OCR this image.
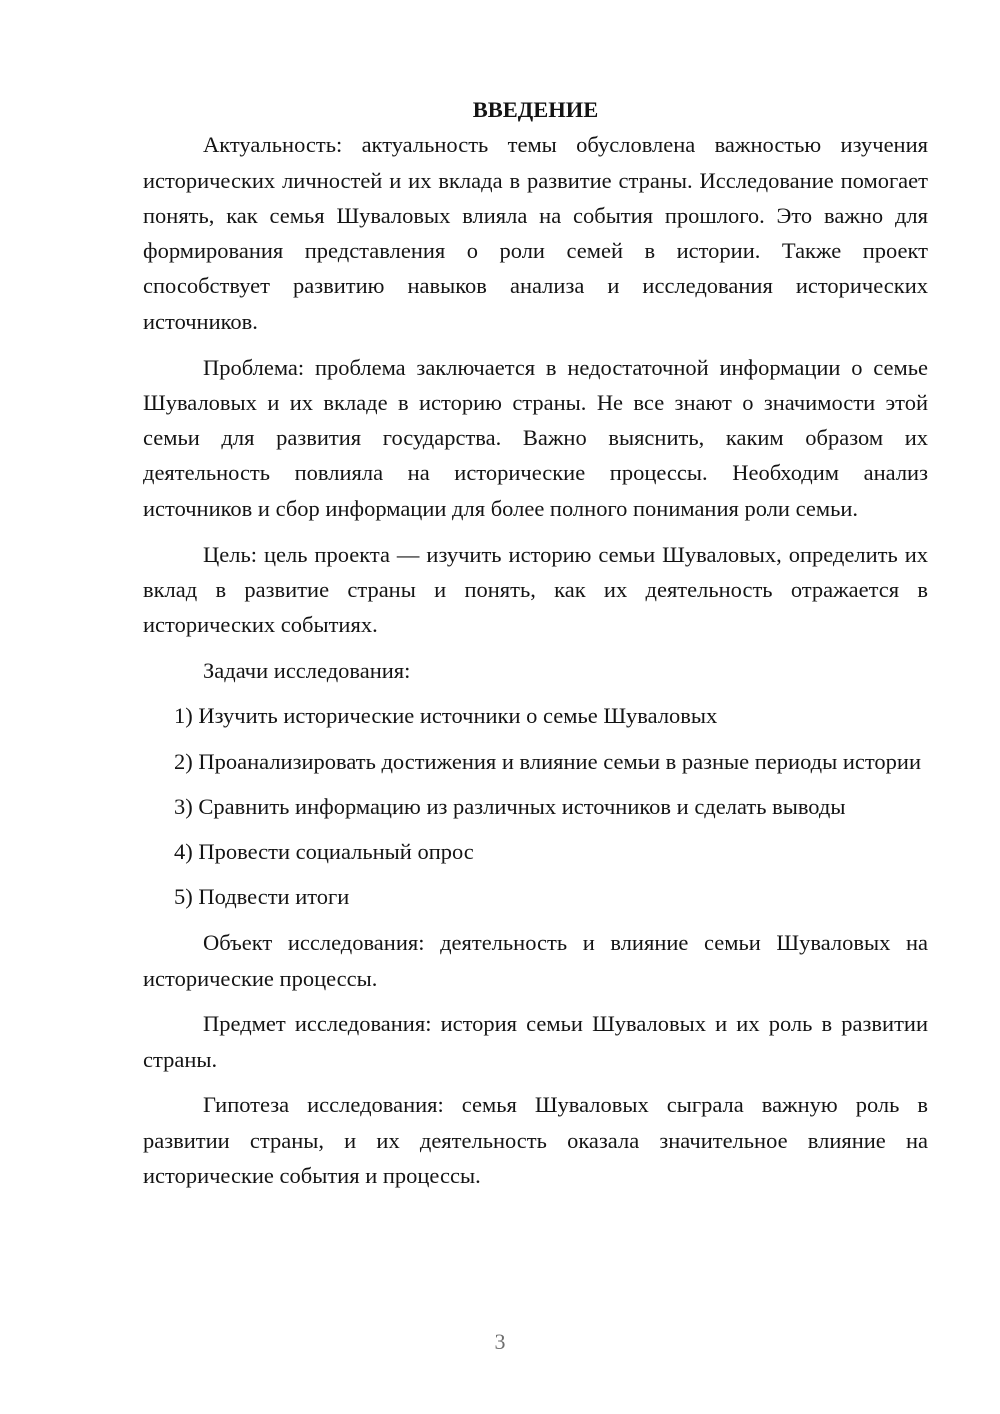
ВВЕДЕНИЕ

Актуальность: актуальность темы обусловлена важностью изучения исторических личностей и их вклада в развитие страны. Исследование помогает понять, как семья Шуваловых влияла на события прошлого. Это важно для формирования представления о роли семей в истории. Также проект способствует развитию навыков анализа и исследования исторических источников.

Проблема: проблема заключается в недостаточной информации о семье Шуваловых и их вкладе в историю страны. Не все знают о значимости этой семьи для развития государства. Важно выяснить, каким образом их деятельность повлияла на исторические процессы. Необходим анализ источников и сбор информации для более полного понимания роли семьи.

Цель: цель проекта — изучить историю семьи Шуваловых, определить их вклад в развитие страны и понять, как их деятельность отражается в исторических событиях.

Задачи исследования:

1) Изучить исторические источники о семье Шуваловых

2) Проанализировать достижения и влияние семьи в разные периоды истории

3) Сравнить информацию из различных источников и сделать выводы

4) Провести социальный опрос

5) Подвести итоги

Объект исследования: деятельность и влияние семьи Шуваловых на исторические процессы.

Предмет исследования: история семьи Шуваловых и их роль в развитии страны.

Гипотеза исследования: семья Шуваловых сыграла важную роль в развитии страны, и их деятельность оказала значительное влияние на исторические события и процессы.

3
